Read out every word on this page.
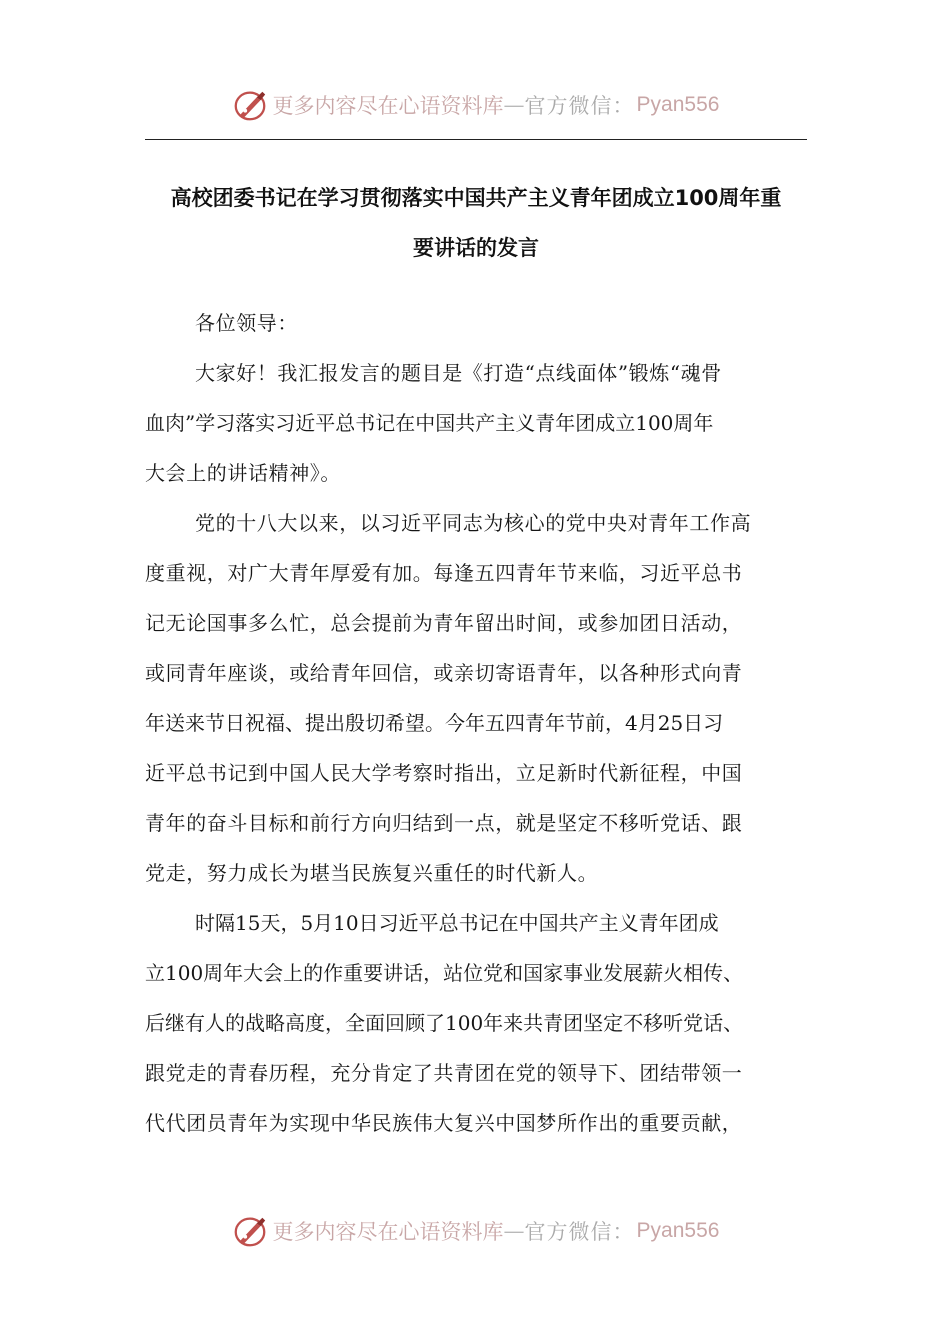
更多内容尽在心语资料库 — 官方微信： Pyan556
高校团委书记在学习贯彻落实中国共产主义青年团成立100周年重
要讲话的发言
各位领导：
大家好！我汇报发言的题目是《打造“点线面体”锻炼“魂骨
血肉”学习落实习近平总书记在中国共产主义青年团成立100周年
大会上的讲话精神》。
党的十八大以来，以习近平同志为核心的党中央对青年工作高
度重视，对广大青年厚爱有加。每逢五四青年节来临，习近平总书
记无论国事多么忙，总会提前为青年留出时间，或参加团日活动，
或同青年座谈，或给青年回信，或亲切寄语青年，以各种形式向青
年送来节日祝福、提出殷切希望。今年五四青年节前，4月25日习
近平总书记到中国人民大学考察时指出，立足新时代新征程，中国
青年的奋斗目标和前行方向归结到一点，就是坚定不移听党话、跟
党走，努力成长为堪当民族复兴重任的时代新人。
时隔15天，5月10日习近平总书记在中国共产主义青年团成
立100周年大会上的作重要讲话，站位党和国家事业发展薪火相传、
后继有人的战略高度，全面回顾了100年来共青团坚定不移听党话、
跟党走的青春历程，充分肯定了共青团在党的领导下、团结带领一
代代团员青年为实现中华民族伟大复兴中国梦所作出的重要贡献，
更多内容尽在心语资料库 — 官方微信： Pyan556
